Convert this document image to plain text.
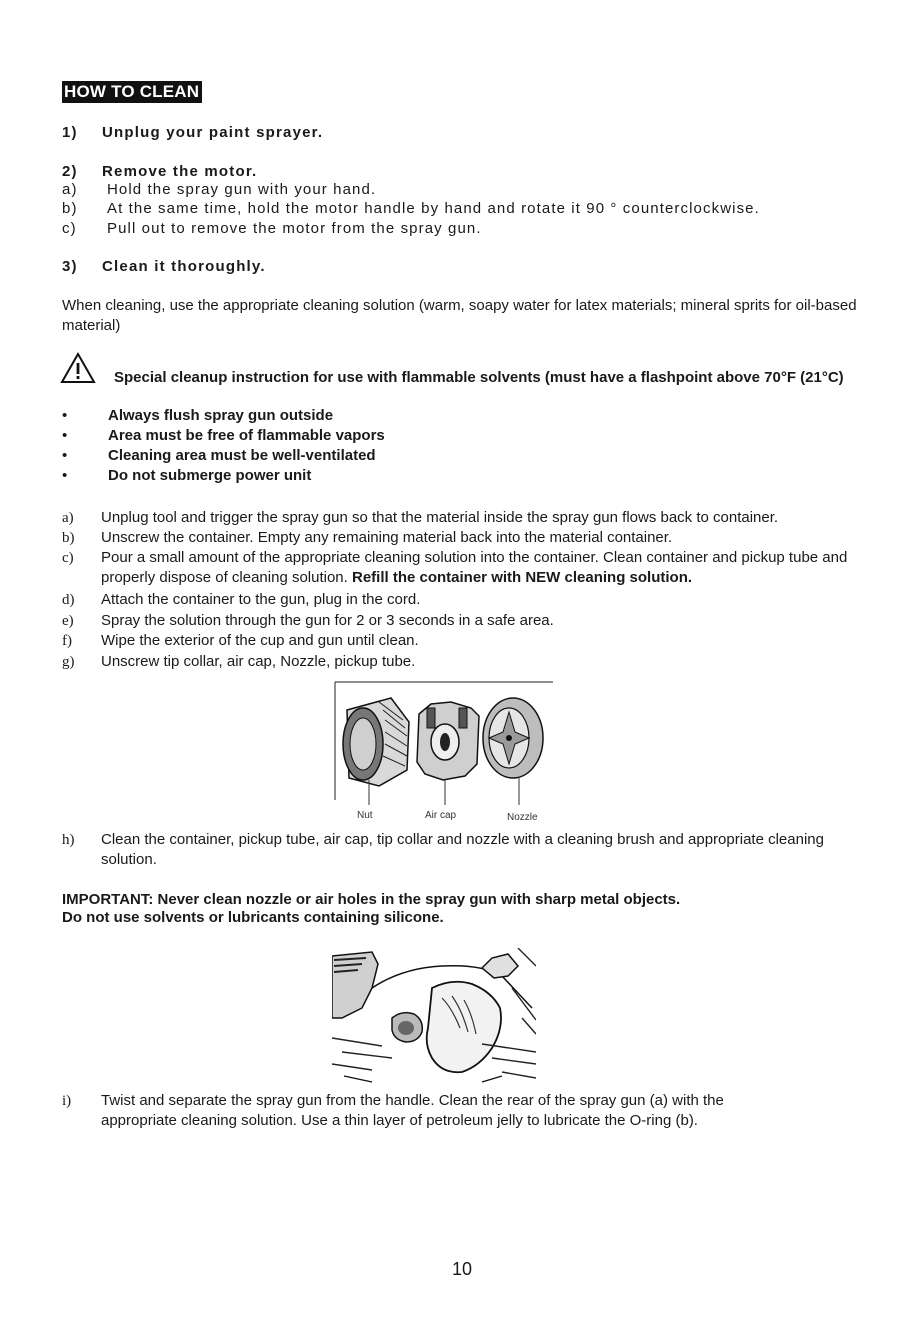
HOW TO CLEAN
1) Unplug your paint sprayer.
2) Remove the motor.
a) Hold the spray gun with your hand.
b) At the same time, hold the motor handle by hand and rotate it 90 ° counterclockwise.
c) Pull out to remove the motor from the spray gun.
3) Clean it thoroughly.
When cleaning, use the appropriate cleaning solution (warm, soapy water for latex materials; mineral sprits for oil-based material)
Special cleanup instruction for use with flammable solvents (must have a flashpoint above 70°F (21°C)
•	Always flush spray gun outside
•	Area must be free of flammable vapors
•	Cleaning area must be well-ventilated
•	Do not submerge power unit
a) Unplug tool and trigger the spray gun so that the material inside the spray gun flows back to container.
b) Unscrew the container. Empty any remaining material back into the material container.
c) Pour a small amount of the appropriate cleaning solution into the container. Clean container and pickup tube and properly dispose of cleaning solution. Refill the container with NEW cleaning solution.
d) Attach the container to the gun, plug in the cord.
e) Spray the solution through the gun for 2 or 3 seconds in a safe area.
f) Wipe the exterior of the cup and gun until clean.
g) Unscrew tip collar, air cap, Nozzle, pickup tube.
Nut	Air cap	Nozzle
h) Clean the container, pickup tube, air cap, tip collar and nozzle with a cleaning brush and appropriate cleaning solution.
IMPORTANT: Never clean nozzle or air holes in the spray gun with sharp metal objects.
Do not use solvents or lubricants containing silicone.
i) Twist and separate the spray gun from the handle. Clean the rear of the spray gun (a) with the appropriate cleaning solution. Use a thin layer of petroleum jelly to lubricate the O-ring (b).
10
